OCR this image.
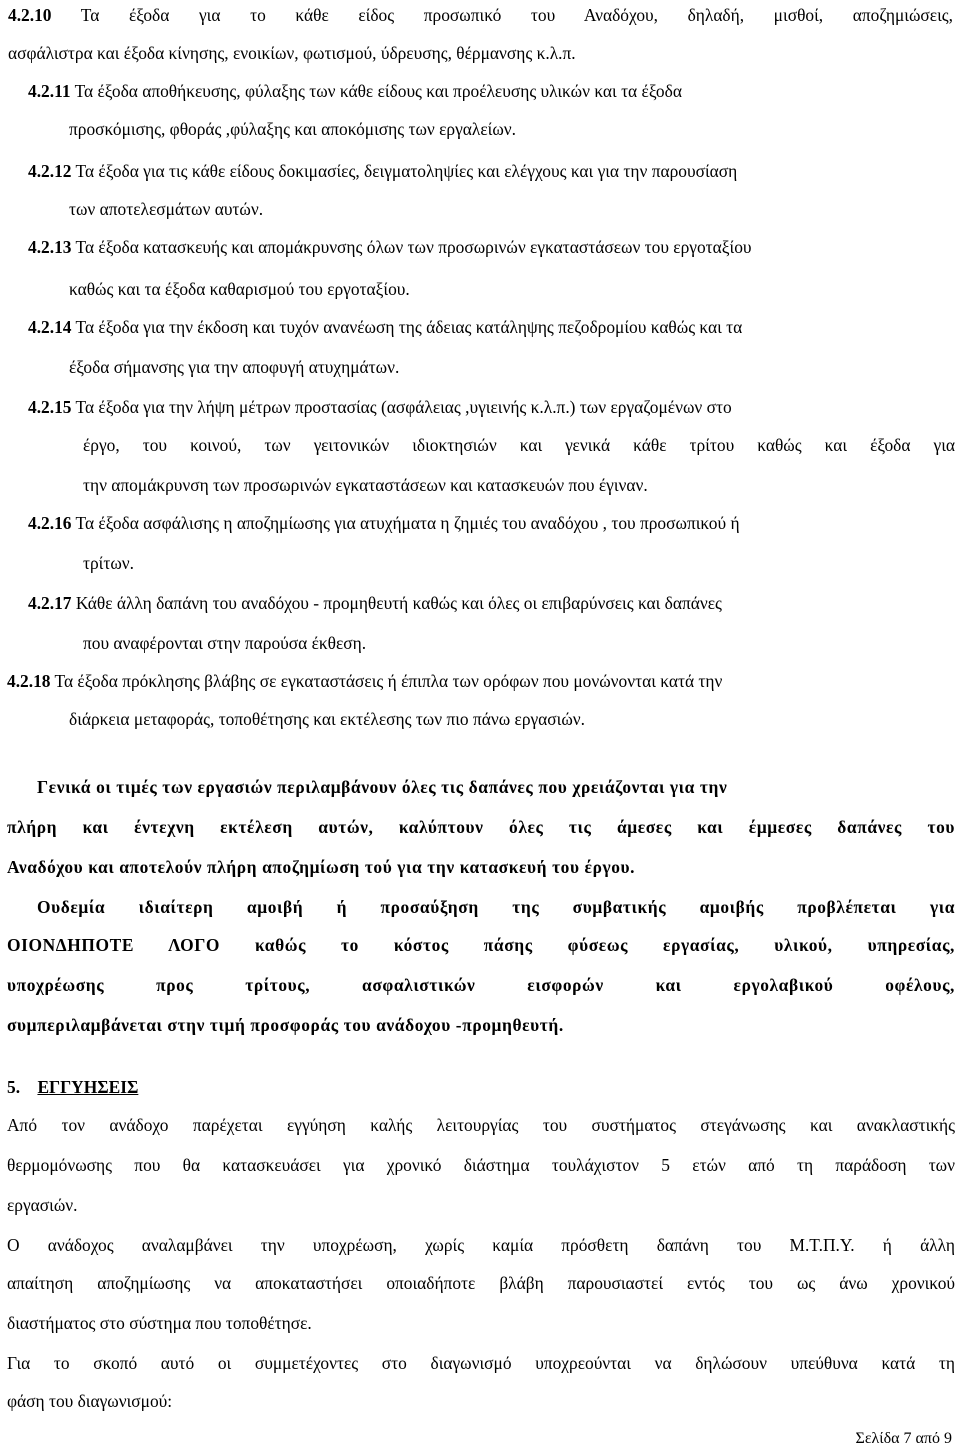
4.2.10 Τα έξοδα για το κάθε είδος προσωπικό του Αναδόχου, δηλαδή, μισθοί, αποζημιώσεις,

ασφάλιστρα και έξοδα κίνησης, ενοικίων, φωτισμού, ύδρευσης, θέρμανσης κ.λ.π.

4.2.11 Τα έξοδα αποθήκευσης, φύλαξης των κάθε είδους και προέλευσης υλικών και τα έξοδα

προσκόμισης, φθοράς ,φύλαξης και αποκόμισης των εργαλείων.

4.2.12 Τα έξοδα για τις κάθε είδους δοκιμασίες, δειγματοληψίες και ελέγχους και για την παρουσίαση

των αποτελεσμάτων αυτών.

4.2.13 Τα έξοδα κατασκευής και απομάκρυνσης όλων των προσωρινών εγκαταστάσεων του εργοταξίου

καθώς και τα έξοδα καθαρισμού του εργοταξίου.

4.2.14 Τα έξοδα για την έκδοση και τυχόν ανανέωση της άδειας κατάληψης πεζοδρομίου καθώς και τα

έξοδα σήμανσης για την αποφυγή ατυχημάτων.

4.2.15 Τα έξοδα για την λήψη μέτρων προστασίας (ασφάλειας ,υγιεινής κ.λ.π.) των εργαζομένων στο

έργο, του κοινού, των γειτονικών ιδιοκτησιών και γενικά κάθε τρίτου καθώς και έξοδα για

την απομάκρυνση των προσωρινών εγκαταστάσεων και κατασκευών που έγιναν.

4.2.16 Τα έξοδα ασφάλισης η αποζημίωσης για ατυχήματα η ζημιές του αναδόχου , του προσωπικού ή

τρίτων.

4.2.17 Κάθε άλλη δαπάνη του αναδόχου - προμηθευτή καθώς και όλες οι επιβαρύνσεις και δαπάνες

που αναφέρονται στην παρούσα έκθεση.

4.2.18 Τα έξοδα πρόκλησης βλάβης σε εγκαταστάσεις ή έπιπλα των ορόφων που μονώνονται κατά την

διάρκεια μεταφοράς, τοποθέτησης και εκτέλεσης των πιο πάνω εργασιών.

Γενικά οι τιμές των εργασιών περιλαμβάνουν όλες τις δαπάνες που χρειάζονται για την

πλήρη και έντεχνη εκτέλεση αυτών, καλύπτουν όλες τις άμεσες και έμμεσες δαπάνες του

Αναδόχου και αποτελούν πλήρη αποζημίωση τού για την κατασκευή του έργου.

Ουδεμία ιδιαίτερη αμοιβή ή προσαύξηση της συμβατικής αμοιβής προβλέπεται για

ΟΙΟΝΔΗΠΟΤΕ ΛΟΓΟ καθώς το κόστος πάσης φύσεως εργασίας, υλικού, υπηρεσίας,

υποχρέωσης προς τρίτους, ασφαλιστικών εισφορών και εργολαβικού οφέλους,

συμπεριλαμβάνεται στην τιμή προσφοράς του ανάδοχου -προμηθευτή.

5. ΕΓΓΥΗΣΕΙΣ

Από τον ανάδοχο παρέχεται εγγύηση καλής λειτουργίας του συστήματος στεγάνωσης και ανακλαστικής

θερμομόνωσης που θα κατασκευάσει για χρονικό διάστημα τουλάχιστον 5 ετών από τη παράδοση των

εργασιών.

Ο ανάδοχος αναλαμβάνει την υποχρέωση, χωρίς καμία πρόσθετη δαπάνη του Μ.Τ.Π.Υ. ή άλλη

απαίτηση αποζημίωσης να αποκαταστήσει οποιαδήποτε βλάβη παρουσιαστεί εντός του ως άνω χρονικού

διαστήματος στο σύστημα που τοποθέτησε.

Για το σκοπό αυτό οι συμμετέχοντες στο διαγωνισμό υποχρεούνται να δηλώσουν υπεύθυνα κατά τη

φάση του διαγωνισμού:

Σελίδα 7 από 9
